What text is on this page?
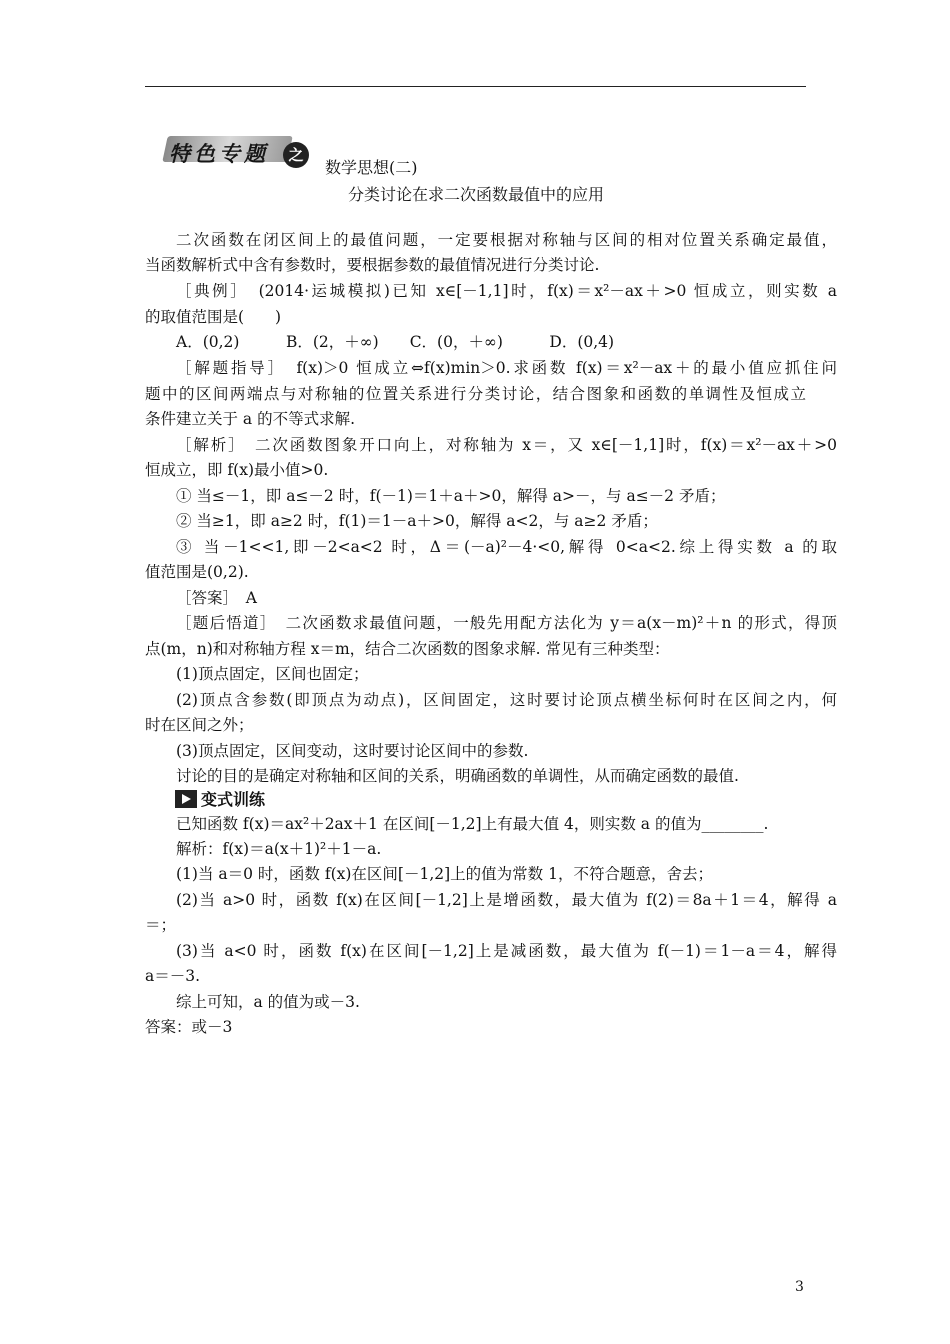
特色专题	之
数学思想(二)
分类讨论在求二次函数最值中的应用
二次函数在闭区间上的最值问题，一定要根据对称轴与区间的相对位置关系确定最值，
当函数解析式中含有参数时，要根据参数的最值情况进行分类讨论.
［典例］　(2014·运城模拟)已知 x∈[－1,1]时，f(x)＝x²－ax＋>0 恒成立，则实数 a
的取值范围是(　　)
A．(0,2)　　　B．(2，＋∞)　　C．(0，＋∞)　　　D．(0,4)
［解题指导］　f(x)＞0 恒成立⇔f(x)min＞0.求函数 f(x)＝x²－ax＋的最小值应抓住问
题中的区间两端点与对称轴的位置关系进行分类讨论，结合图象和函数的单调性及恒成立
条件建立关于 a 的不等式求解.
［解析］　二次函数图象开口向上，对称轴为 x＝，又 x∈[－1,1]时，f(x)＝x²－ax＋>0
恒成立，即 f(x)最小值>0.
① 当≤－1，即 a≤－2 时，f(－1)＝1＋a＋>0，解得 a>－，与 a≤－2 矛盾；
② 当≥1，即 a≥2 时，f(1)＝1－a＋>0，解得 a<2，与 a≥2 矛盾；
③ 当－1<<1,即－2<a<2 时，Δ＝(－a)²－4·<0,解得 0<a<2.综上得实数 a 的取
值范围是(0,2).
［答案］　A
［题后悟道］　二次函数求最值问题，一般先用配方法化为 y＝a(x－m)²＋n 的形式，得顶
点(m，n)和对称轴方程 x＝m，结合二次函数的图象求解. 常见有三种类型：
(1)顶点固定，区间也固定；
(2)顶点含参数(即顶点为动点)，区间固定，这时要讨论顶点横坐标何时在区间之内，何
时在区间之外；
(3)顶点固定，区间变动，这时要讨论区间中的参数.
讨论的目的是确定对称轴和区间的关系，明确函数的单调性，从而确定函数的最值.
变式训练
已知函数 f(x)＝ax²＋2ax＋1 在区间[－1,2]上有最大值 4，则实数 a 的值为________.
解析：f(x)＝a(x＋1)²＋1－a.
(1)当 a＝0 时，函数 f(x)在区间[－1,2]上的值为常数 1，不符合题意，舍去；
(2)当 a>0 时，函数 f(x)在区间[－1,2]上是增函数，最大值为 f(2)＝8a＋1＝4，解得 a
＝；
(3)当 a<0 时，函数 f(x)在区间[－1,2]上是减函数，最大值为 f(－1)＝1－a＝4，解得
a＝－3.
综上可知，a 的值为或－3.
答案：或－3
3
